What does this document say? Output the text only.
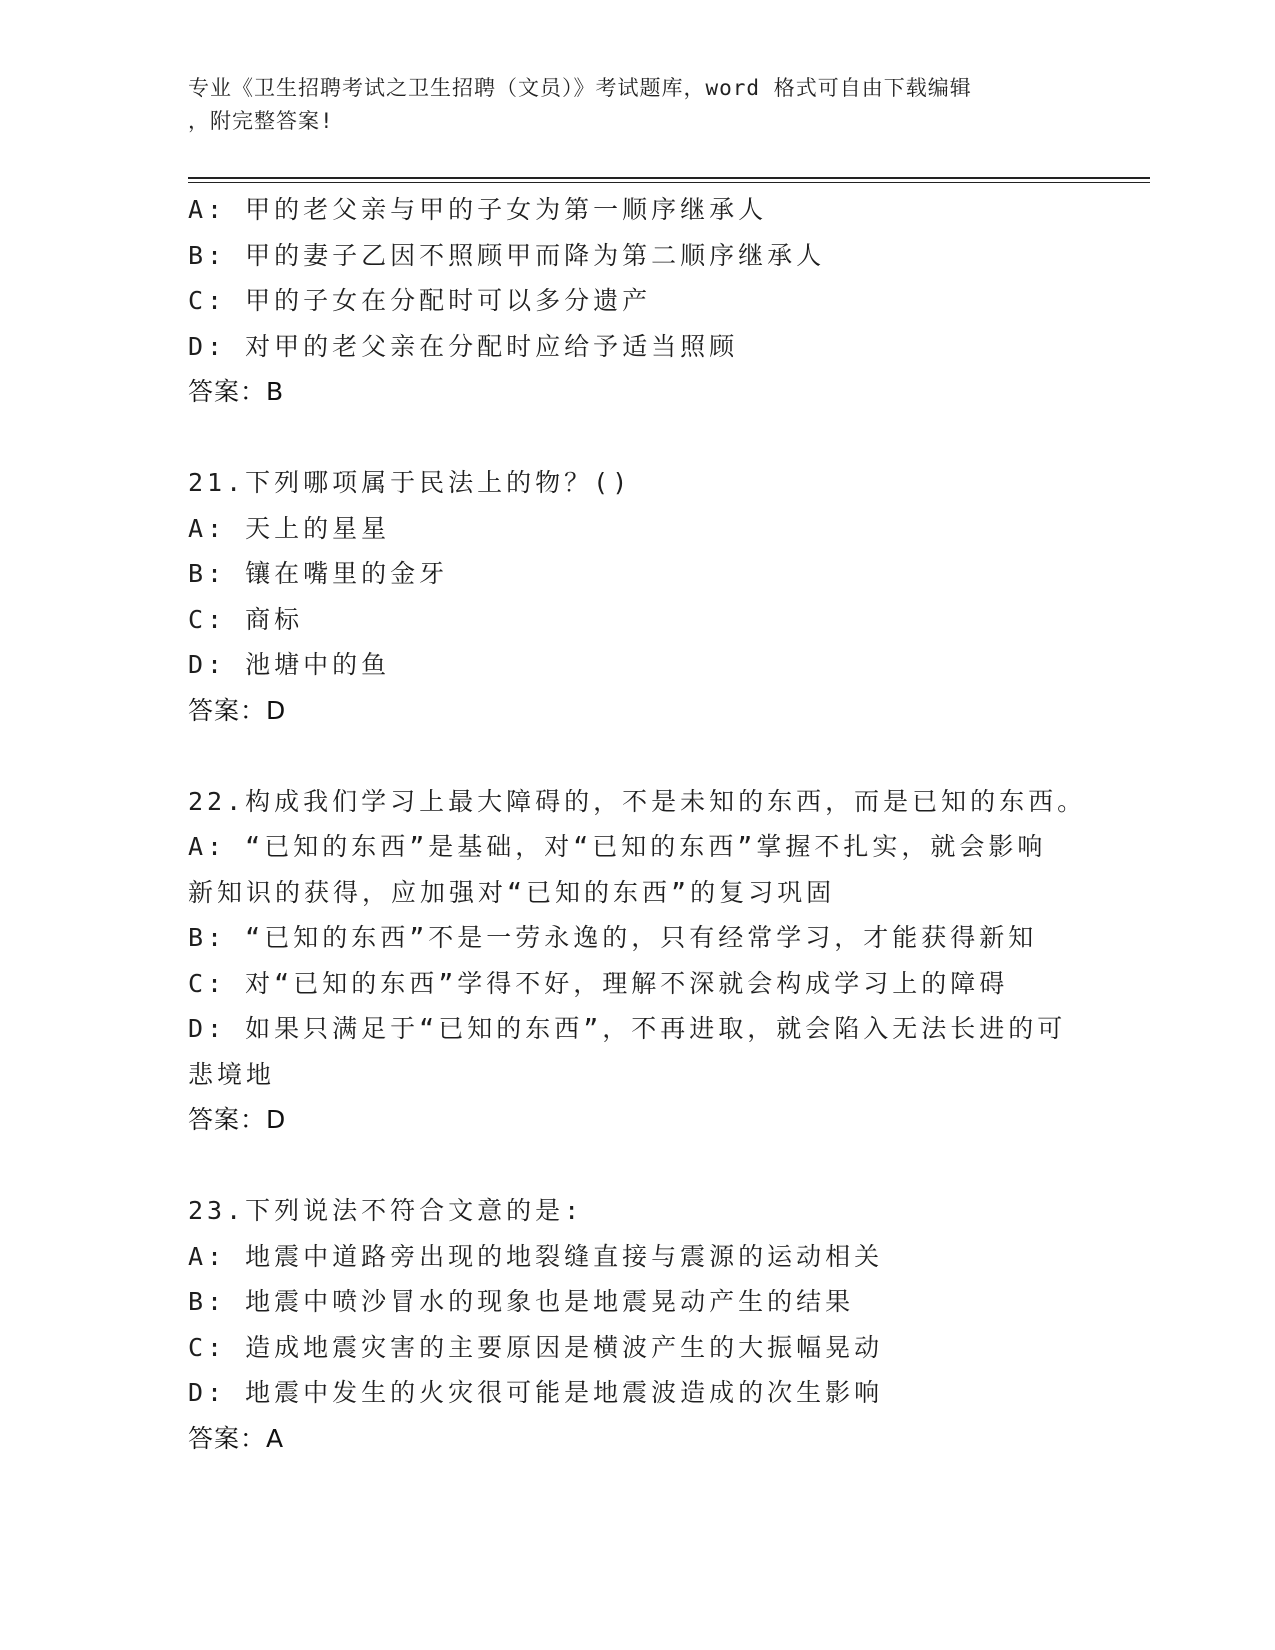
专业《卫生招聘考试之卫生招聘（文员）》考试题库，word 格式可自由下载编辑
，附完整答案!
A: 甲的老父亲与甲的子女为第一顺序继承人
B: 甲的妻子乙因不照顾甲而降为第二顺序继承人
C: 甲的子女在分配时可以多分遗产
D: 对甲的老父亲在分配时应给予适当照顾
答案：B
21.下列哪项属于民法上的物？()
A: 天上的星星
B: 镶在嘴里的金牙
C: 商标
D: 池塘中的鱼
答案：D
22.构成我们学习上最大障碍的，不是未知的东西，而是已知的东西。
A: “已知的东西”是基础，对“已知的东西”掌握不扎实，就会影响
新知识的获得，应加强对“已知的东西”的复习巩固
B: “已知的东西”不是一劳永逸的，只有经常学习，才能获得新知
C: 对“已知的东西”学得不好，理解不深就会构成学习上的障碍
D: 如果只满足于“已知的东西”，不再进取，就会陷入无法长进的可
悲境地
答案：D
23.下列说法不符合文意的是:
A: 地震中道路旁出现的地裂缝直接与震源的运动相关
B: 地震中喷沙冒水的现象也是地震晃动产生的结果
C: 造成地震灾害的主要原因是横波产生的大振幅晃动
D: 地震中发生的火灾很可能是地震波造成的次生影响
答案：A
